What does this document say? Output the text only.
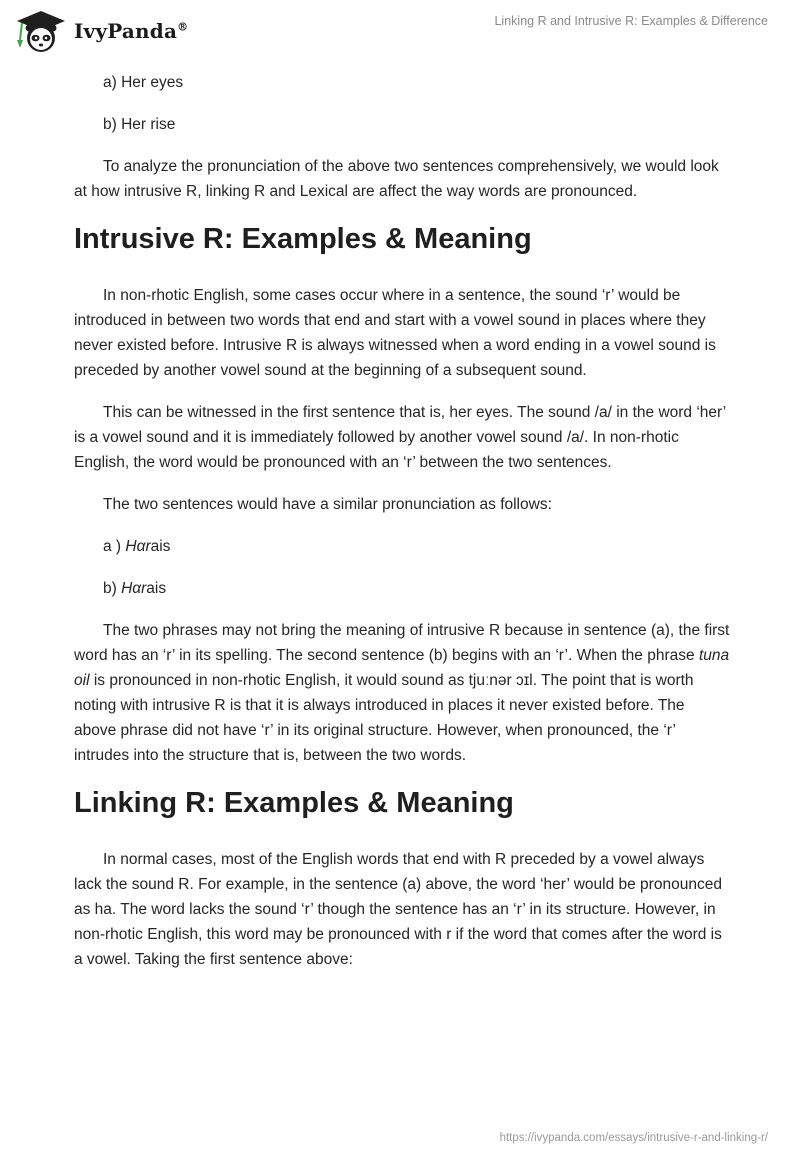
IvyPanda®	Linking R and Intrusive R: Examples & Difference

a) Her eyes

b) Her rise

To analyze the pronunciation of the above two sentences comprehensively, we would look at how intrusive R, linking R and Lexical are affect the way words are pronounced.

Intrusive R: Examples & Meaning

In non-rhotic English, some cases occur where in a sentence, the sound ‘r’ would be introduced in between two words that end and start with a vowel sound in places where they never existed before. Intrusive R is always witnessed when a word ending in a vowel sound is preceded by another vowel sound at the beginning of a subsequent sound.

This can be witnessed in the first sentence that is, her eyes. The sound /a/ in the word ‘her’ is a vowel sound and it is immediately followed by another vowel sound /a/. In non-rhotic English, the word would be pronounced with an ‘r’ between the two sentences.

The two sentences would have a similar pronunciation as follows:

a ) Hαrais

b) Hαrais

The two phrases may not bring the meaning of intrusive R because in sentence (a), the first word has an ‘r’ in its spelling. The second sentence (b) begins with an ‘r’. When the phrase tuna oil is pronounced in non-rhotic English, it would sound as tjuːnər ɔɪl. The point that is worth noting with intrusive R is that it is always introduced in places it never existed before. The above phrase did not have ‘r’ in its original structure. However, when pronounced, the ‘r’ intrudes into the structure that is, between the two words.

Linking R: Examples & Meaning

In normal cases, most of the English words that end with R preceded by a vowel always lack the sound R. For example, in the sentence (a) above, the word ‘her’ would be pronounced as ha. The word lacks the sound ‘r’ though the sentence has an ‘r’ in its structure. However, in non-rhotic English, this word may be pronounced with r if the word that comes after the word is a vowel. Taking the first sentence above:

https://ivypanda.com/essays/intrusive-r-and-linking-r/
